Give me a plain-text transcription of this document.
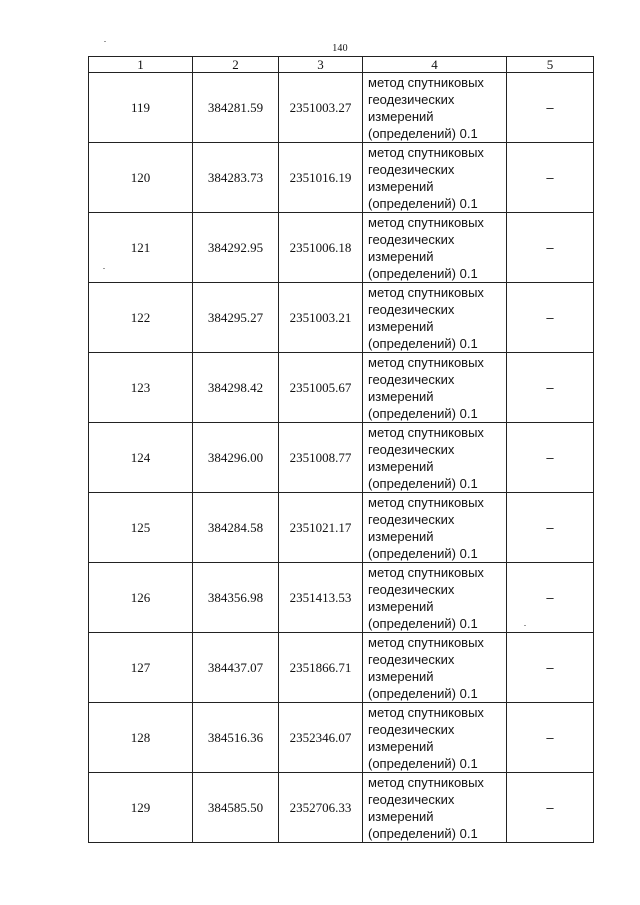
140
1	2	3	4	5
119	384281.59	2351003.27	метод спутниковых
геодезических
измерений
(определений) 0.1	–
120	384283.73	2351016.19	метод спутниковых
геодезических
измерений
(определений) 0.1	–
121	384292.95	2351006.18	метод спутниковых
геодезических
измерений
(определений) 0.1	–
122	384295.27	2351003.21	метод спутниковых
геодезических
измерений
(определений) 0.1	–
123	384298.42	2351005.67	метод спутниковых
геодезических
измерений
(определений) 0.1	–
124	384296.00	2351008.77	метод спутниковых
геодезических
измерений
(определений) 0.1	–
125	384284.58	2351021.17	метод спутниковых
геодезических
измерений
(определений) 0.1	–
126	384356.98	2351413.53	метод спутниковых
геодезических
измерений
(определений) 0.1	–
127	384437.07	2351866.71	метод спутниковых
геодезических
измерений
(определений) 0.1	–
128	384516.36	2352346.07	метод спутниковых
геодезических
измерений
(определений) 0.1	–
129	384585.50	2352706.33	метод спутниковых
геодезических
измерений
(определений) 0.1	–
